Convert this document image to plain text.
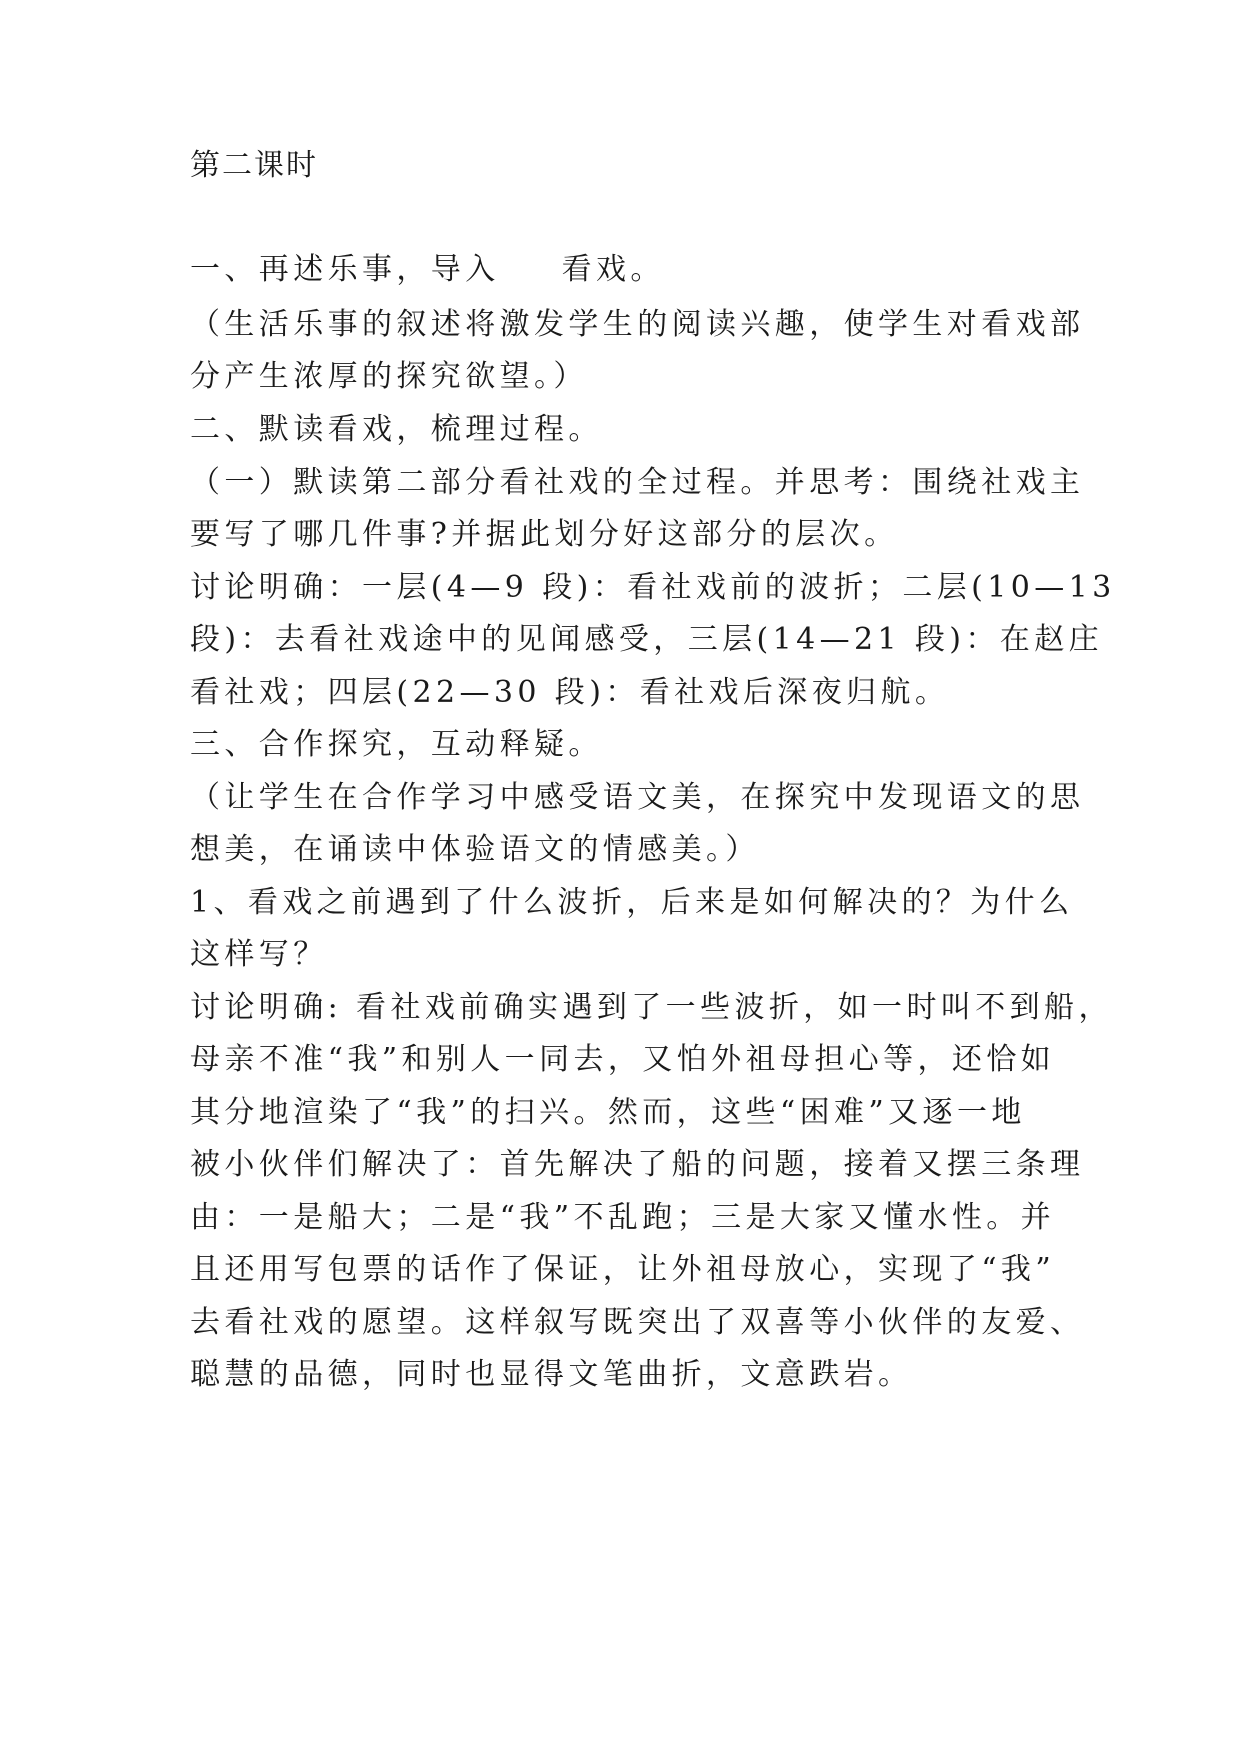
第二课时
一、再述乐事，导入 看戏。
（生活乐事的叙述将激发学生的阅读兴趣，使学生对看戏部
分产生浓厚的探究欲望。）
二、默读看戏，梳理过程。
（一）默读第二部分看社戏的全过程。并思考：围绕社戏主
要写了哪几件事?并据此划分好这部分的层次。
讨论明确：一层(4—9 段)：看社戏前的波折；二层(10—13
段)：去看社戏途中的见闻感受，三层(14—21 段)：在赵庄
看社戏；四层(22—30 段)：看社戏后深夜归航。
三、合作探究，互动释疑。
（让学生在合作学习中感受语文美，在探究中发现语文的思
想美，在诵读中体验语文的情感美。）
1、看戏之前遇到了什么波折，后来是如何解决的？为什么
这样写？
讨论明确: 看社戏前确实遇到了一些波折，如一时叫不到船，
母亲不准“我”和别人一同去，又怕外祖母担心等，还恰如
其分地渲染了“我”的扫兴。然而，这些“困难”又逐一地
被小伙伴们解决了：首先解决了船的问题，接着又摆三条理
由：一是船大；二是“我”不乱跑；三是大家又懂水性。并
且还用写包票的话作了保证，让外祖母放心，实现了“我”
去看社戏的愿望。这样叙写既突出了双喜等小伙伴的友爱、
聪慧的品德，同时也显得文笔曲折，文意跌岩。
